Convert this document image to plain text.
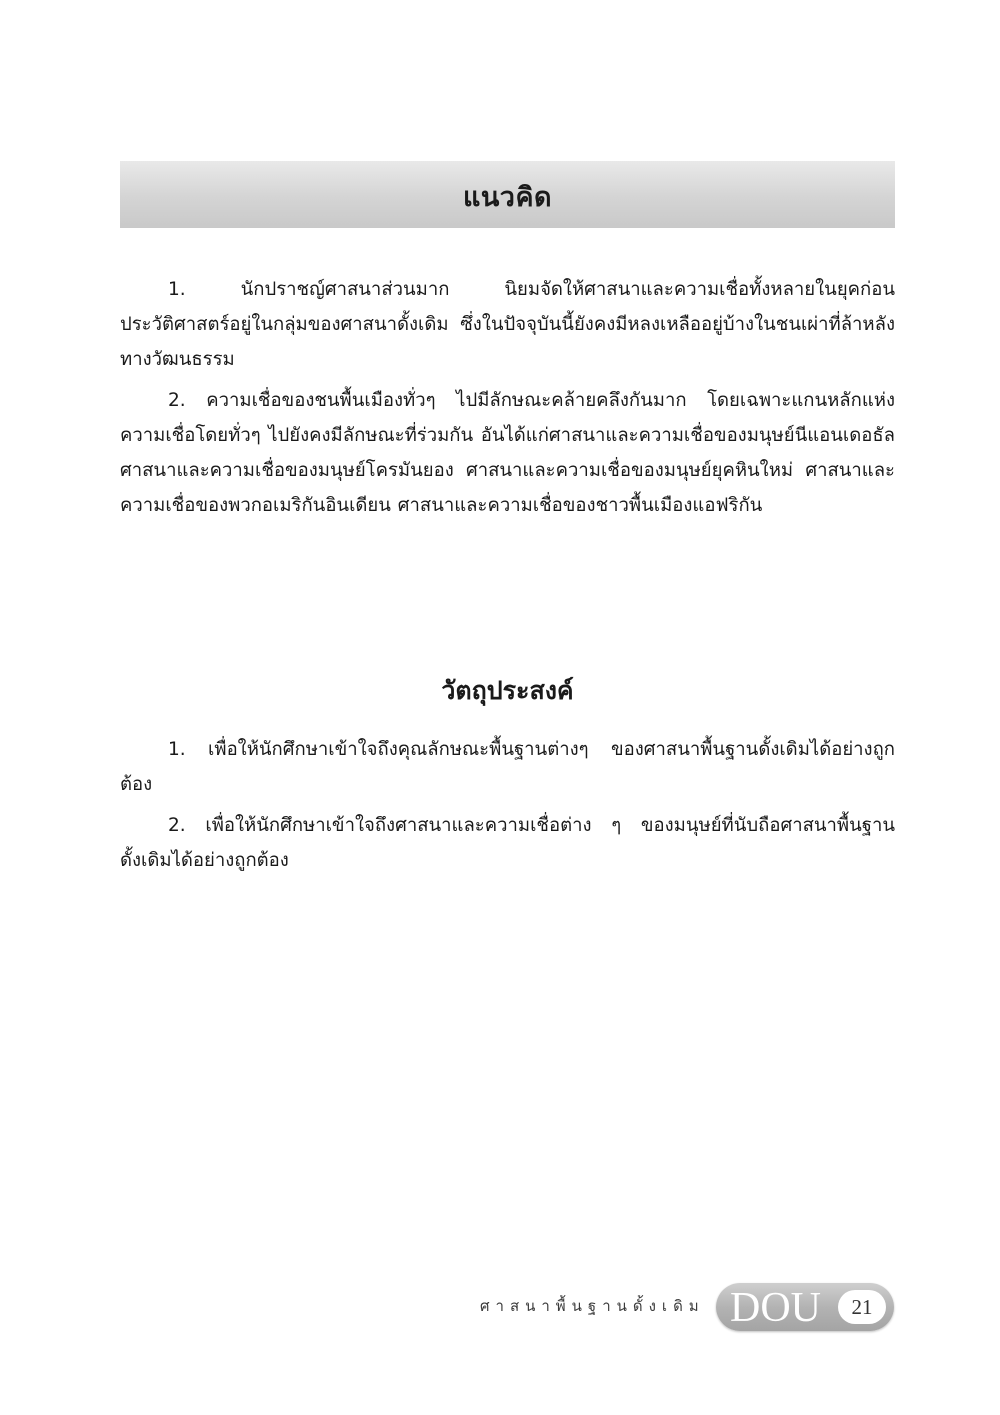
แนวคิด

1. นักปราชญ์ศาสนาส่วนมาก นิยมจัดให้ศาสนาและความเชื่อทั้งหลายในยุคก่อนประวัติศาสตร์อยู่ในกลุ่มของศาสนาดั้งเดิม ซึ่งในปัจจุบันนี้ยังคงมีหลงเหลืออยู่บ้างในชนเผ่าที่ล้าหลังทางวัฒนธรรม

2. ความเชื่อของชนพื้นเมืองทั่วๆ ไปมีลักษณะคล้ายคลึงกันมาก โดยเฉพาะแกนหลักแห่งความเชื่อโดยทั่วๆ ไปยังคงมีลักษณะที่ร่วมกัน อันได้แก่ศาสนาและความเชื่อของมนุษย์นีแอนเดอธัล ศาสนาและความเชื่อของมนุษย์โครมันยอง ศาสนาและความเชื่อของมนุษย์ยุคหินใหม่ ศาสนาและความเชื่อของพวกอเมริกันอินเดียน ศาสนาและความเชื่อของชาวพื้นเมืองแอฟริกัน

วัตถุประสงค์

1. เพื่อให้นักศึกษาเข้าใจถึงคุณลักษณะพื้นฐานต่างๆ ของศาสนาพื้นฐานดั้งเดิมได้อย่างถูกต้อง

2. เพื่อให้นักศึกษาเข้าใจถึงศาสนาและความเชื่อต่าง ๆ ของมนุษย์ที่นับถือศาสนาพื้นฐานดั้งเดิมได้อย่างถูกต้อง

ศาสนาพื้นฐานดั้งเดิม DOU	21
